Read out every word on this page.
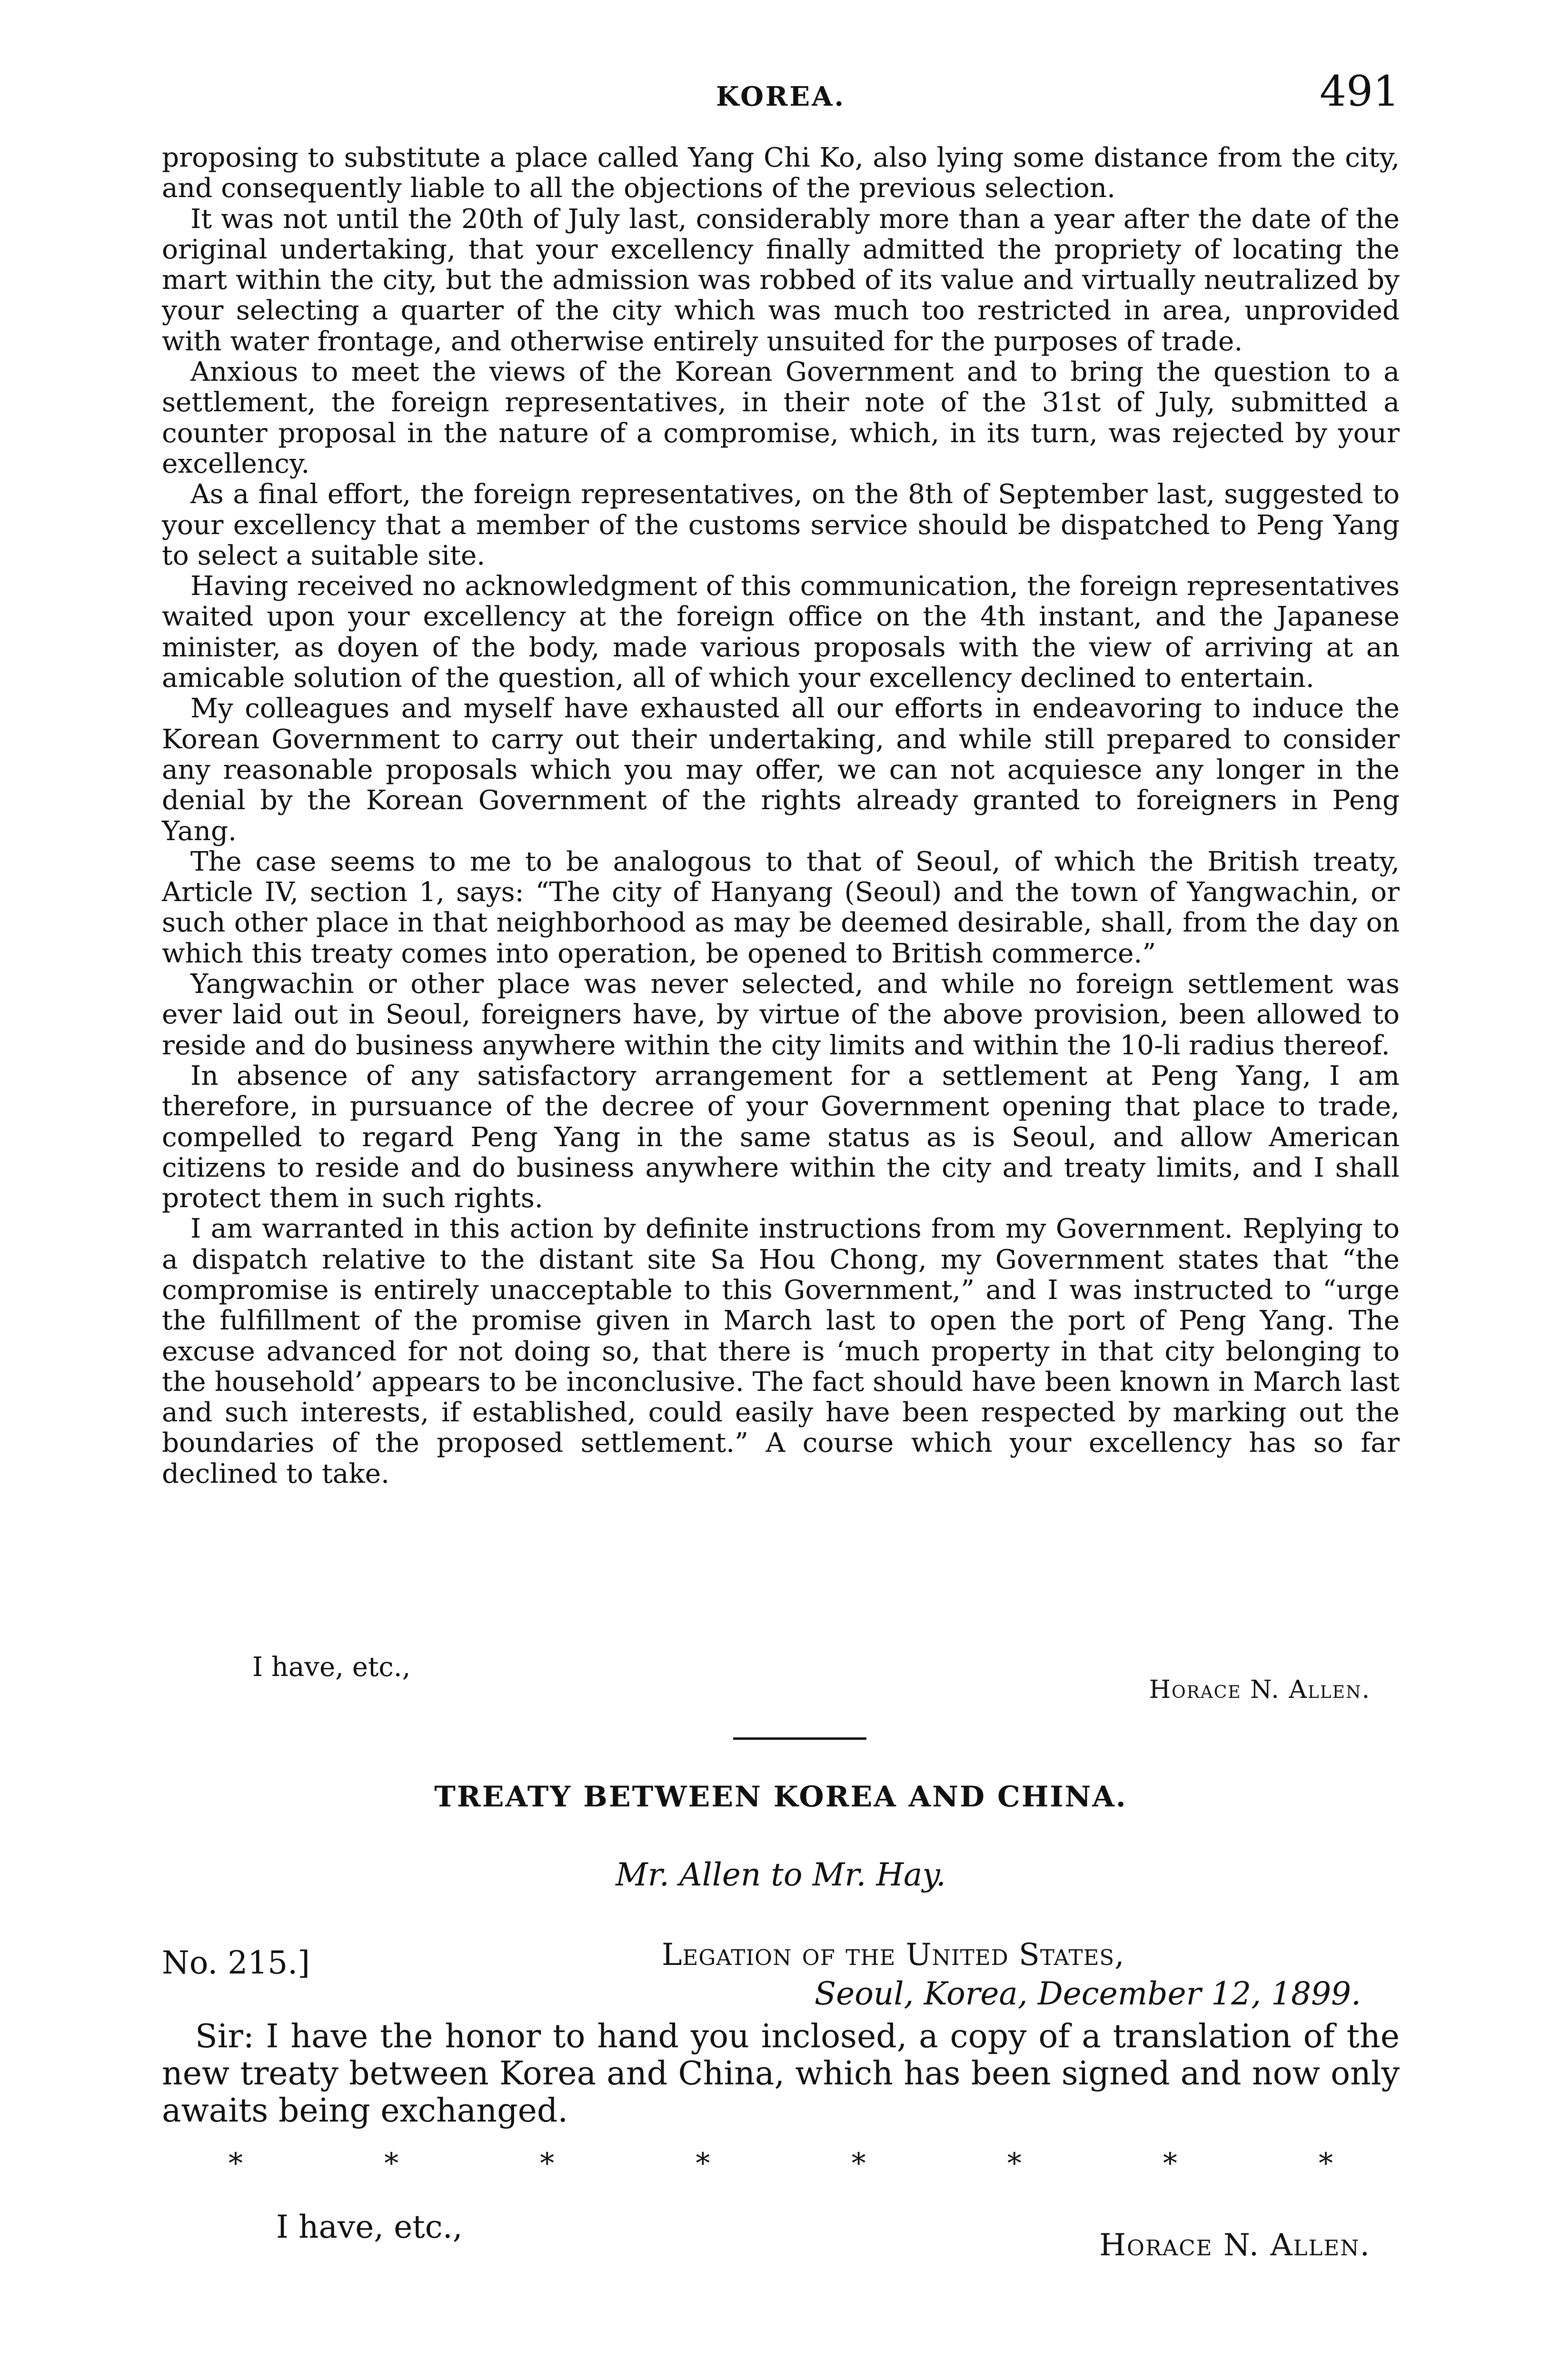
KOREA.	491

proposing to substitute a place called Yang Chi Ko, also lying some distance from the city, and consequently liable to all the objections of the previous selection.

It was not until the 20th of July last, considerably more than a year after the date of the original undertaking, that your excellency finally admitted the propriety of locating the mart within the city, but the admission was robbed of its value and virtually neutralized by your selecting a quarter of the city which was much too restricted in area, unprovided with water frontage, and otherwise entirely unsuited for the purposes of trade.

Anxious to meet the views of the Korean Government and to bring the question to a settlement, the foreign representatives, in their note of the 31st of July, submitted a counter proposal in the nature of a compromise, which, in its turn, was rejected by your excellency.

As a final effort, the foreign representatives, on the 8th of September last, suggested to your excellency that a member of the customs service should be dispatched to Peng Yang to select a suitable site.

Having received no acknowledgment of this communication, the foreign representatives waited upon your excellency at the foreign office on the 4th instant, and the Japanese minister, as doyen of the body, made various proposals with the view of arriving at an amicable solution of the question, all of which your excellency declined to entertain.

My colleagues and myself have exhausted all our efforts in endeavoring to induce the Korean Government to carry out their undertaking, and while still prepared to consider any reasonable proposals which you may offer, we can not acquiesce any longer in the denial by the Korean Government of the rights already granted to foreigners in Peng Yang.

The case seems to me to be analogous to that of Seoul, of which the British treaty, Article IV, section 1, says: “The city of Hanyang (Seoul) and the town of Yangwachin, or such other place in that neighborhood as may be deemed desirable, shall, from the day on which this treaty comes into operation, be opened to British commerce.”

Yangwachin or other place was never selected, and while no foreign settlement was ever laid out in Seoul, foreigners have, by virtue of the above provision, been allowed to reside and do business anywhere within the city limits and within the 10-li radius thereof.

In absence of any satisfactory arrangement for a settlement at Peng Yang, I am therefore, in pursuance of the decree of your Government opening that place to trade, compelled to regard Peng Yang in the same status as is Seoul, and allow American citizens to reside and do business anywhere within the city and treaty limits, and I shall protect them in such rights.

I am warranted in this action by definite instructions from my Government. Replying to a dispatch relative to the distant site Sa Hou Chong, my Government states that “the compromise is entirely unacceptable to this Government,” and I was instructed to “urge the fulfillment of the promise given in March last to open the port of Peng Yang. The excuse advanced for not doing so, that there is ‘much property in that city belonging to the household’ appears to be inconclusive. The fact should have been known in March last and such interests, if established, could easily have been respected by marking out the boundaries of the proposed settlement.” A course which your excellency has so far declined to take.

I have, etc.,
Horace N. Allen.
TREATY BETWEEN KOREA AND CHINA.
Mr. Allen to Mr. Hay.
No. 215.]	Legation of the United States,
Seoul, Korea, December 12, 1899.
Sir: I have the honor to hand you inclosed, a copy of a translation of the new treaty between Korea and China, which has been signed and now only awaits being exchanged.
*	*	*	*	*	*	*	*
I have, etc.,	Horace N. Allen.
